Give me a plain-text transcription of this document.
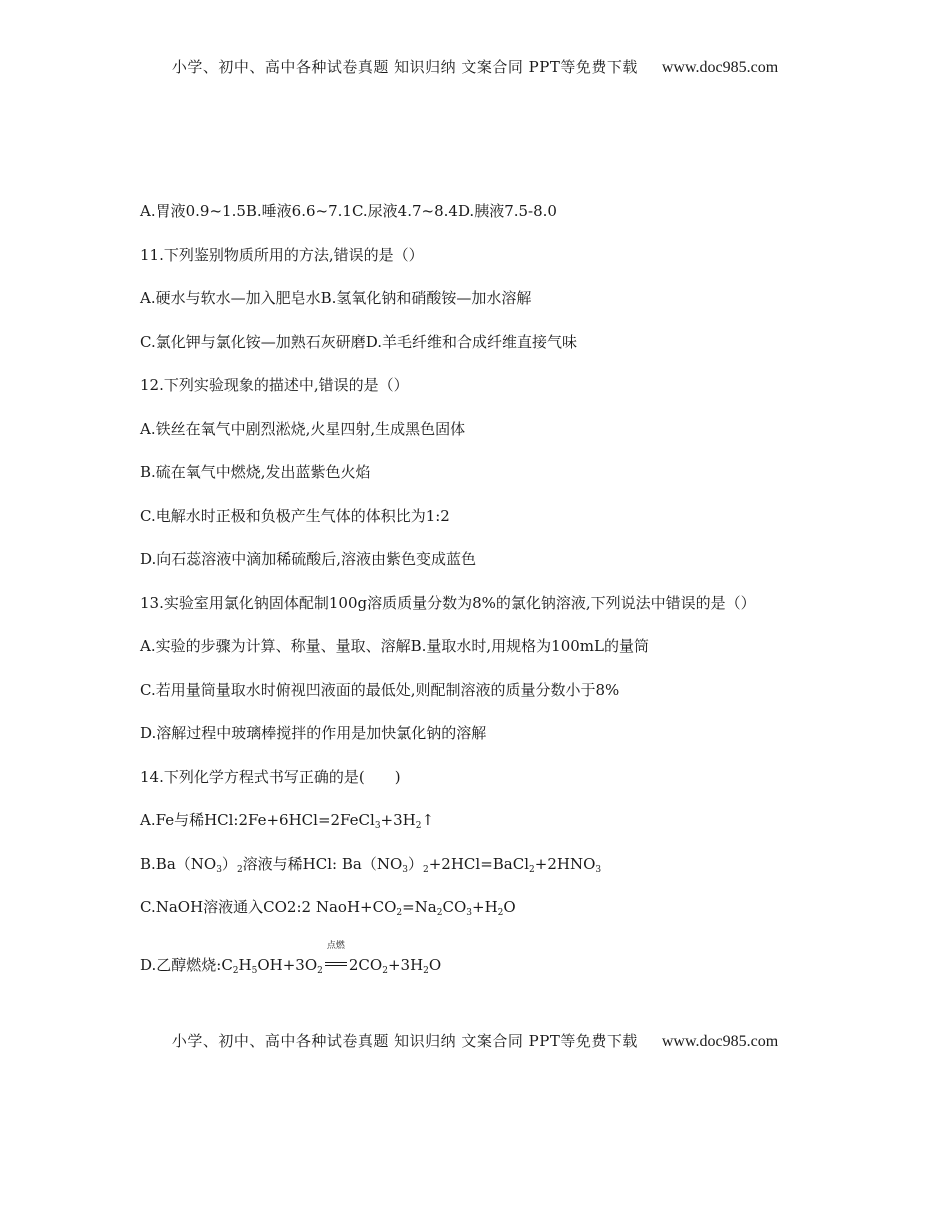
小学、初中、高中各种试卷真题 知识归纳 文案合同 PPT等免费下载 www.doc985.com
A.胃液0.9~1.5B.唾液6.6~7.1C.尿液4.7~8.4D.胰液7.5-8.0
11.下列鉴别物质所用的方法,错误的是（）
A.硬水与软水—加入肥皂水B.氢氧化钠和硝酸铵—加水溶解
C.氯化钾与氯化铵—加熟石灰研磨D.羊毛纤维和合成纤维直接气味
12.下列实验现象的描述中,错误的是（）
A.铁丝在氧气中剧烈淞烧,火星四射,生成黑色固体
B.硫在氧气中燃烧,发出蓝紫色火焰
C.电解水时正极和负极产生气体的体积比为1:2
D.向石蕊溶液中滴加稀硫酸后,溶液由紫色变成蓝色
13.实验室用氯化钠固体配制100g溶质质量分数为8%的氯化钠溶液,下列说法中错误的是（）
A.实验的步骤为计算、称量、量取、溶解B.量取水时,用规格为100mL的量筒
C.若用量筒量取水时俯视凹液面的最低处,则配制溶液的质量分数小于8%
D.溶解过程中玻璃棒搅拌的作用是加快氯化钠的溶解
14.下列化学方程式书写正确的是(　　)
A.Fe与稀$HCl:2Fe+6HCl=2FeCl_3+3H_2↑$
$B.Ba(NO_3)_2$溶液与稀HCl: $Ba(NO_3)_2+2HCl=BaCl_2+2HNO_3$
C.NaOH溶液通入CO2:2 $NaoH+CO_2=Na_2CO_3+H_2O$
D.乙醇燃烧$:C_2H_5OH+3O_2$
点燃
$2CO_2+3H_2O$
小学、初中、高中各种试卷真题 知识归纳 文案合同 PPT等免费下载 www.doc985.com
